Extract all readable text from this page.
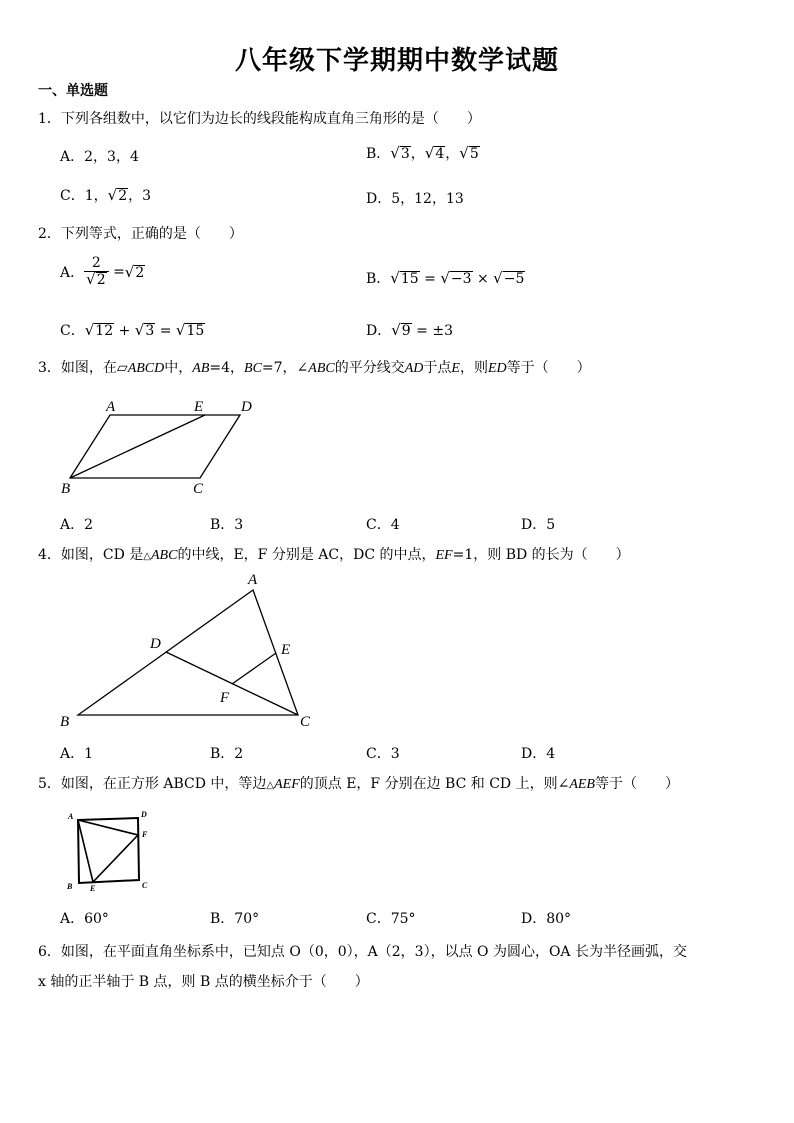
八年级下学期期中数学试题
一、单选题
1．下列各组数中，以它们为边长的线段能构成直角三角形的是（　　）
A．2，3，4	B．√3，√4，√5
C．1，√2，3	D．5，12，13
2．下列等式，正确的是（　　）
A． $\frac{2}{√2} =√2$	B．√15 = √−3 × √−5
C．√12 + √3 = √15	D．√9 = ±3
3．如图，在▱ABCD中，AB=4，BC=7，∠ABC的平分线交AD于点E，则ED等于（　　）
A	E	D
B	C
A．2	B．3	C．4	D．5
4．如图，CD 是△ABC的中线，E，F 分别是 AC，DC 的中点，EF=1，则 BD 的长为（　　）
A
D	E
F
B	C
A．1	B．2	C．3	D．4
5．如图，在正方形 ABCD 中，等边△AEF的顶点 E，F 分别在边 BC 和 CD 上，则∠AEB等于（　　）
A	D
F
B E	C
A．60°	B．70°	C．75°	D．80°
6．如图，在平面直角坐标系中，已知点 O（0，0），A（2，3），以点 O 为圆心，OA 长为半径画弧，交
x 轴的正半轴于 B 点，则 B 点的横坐标介于（　　）
